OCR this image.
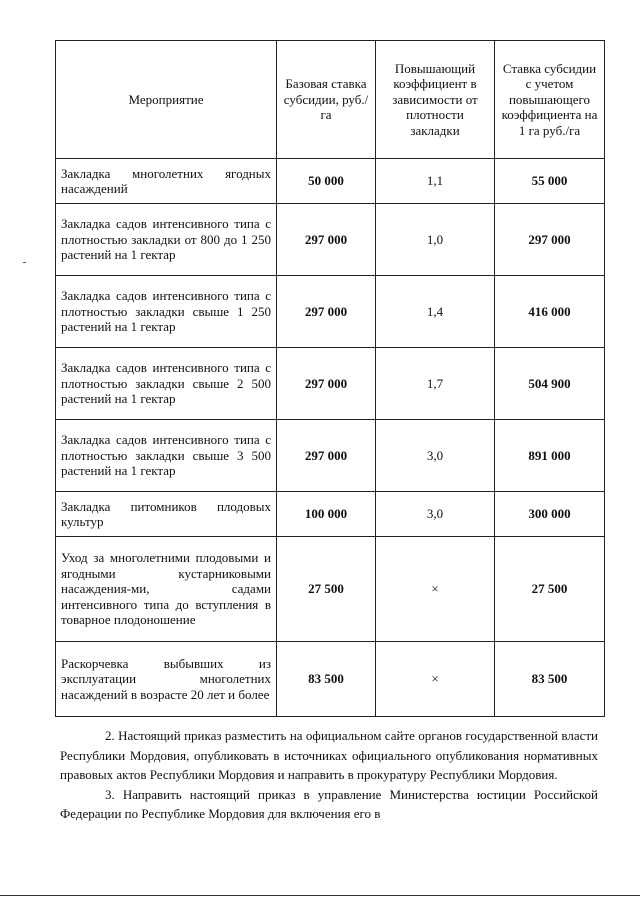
Мероприятие	Базовая ставка субсидии, руб./га	Повышающий коэффициент в зависимости от плотности закладки	Ставка субсидии с учетом повышающего коэффициента на 1 га руб./га
Закладка многолетних ягодных насаждений	50 000	1,1	55 000
Закладка садов интенсивного типа с плотностью закладки от 800 до 1 250 растений на 1 гектар	297 000	1,0	297 000
Закладка садов интенсивного типа с плотностью закладки свыше 1 250 растений на 1 гектар	297 000	1,4	416 000
Закладка садов интенсивного типа с плотностью закладки свыше 2 500 растений на 1 гектар	297 000	1,7	504 900
Закладка садов интенсивного типа с плотностью закладки свыше 3 500 растений на 1 гектар	297 000	3,0	891 000
Закладка питомников плодовых культур	100 000	3,0	300 000
Уход за многолетними плодовыми и ягодными кустарниковыми насаждения-ми, садами интенсивного типа до вступления в товарное плодоношение	27 500	×	27 500
Раскорчевка выбывших из эксплуатации многолетних насаждений в возрасте 20 лет и более	83 500	×	83 500

2. Настоящий приказ разместить на официальном сайте органов государственной власти Республики Мордовия, опубликовать в источниках официального опубликования нормативных правовых актов Республики Мордовия и направить в прокуратуру Республики Мордовия.

3. Направить настоящий приказ в управление Министерства юстиции Российской Федерации по Республике Мордовия для включения его в
